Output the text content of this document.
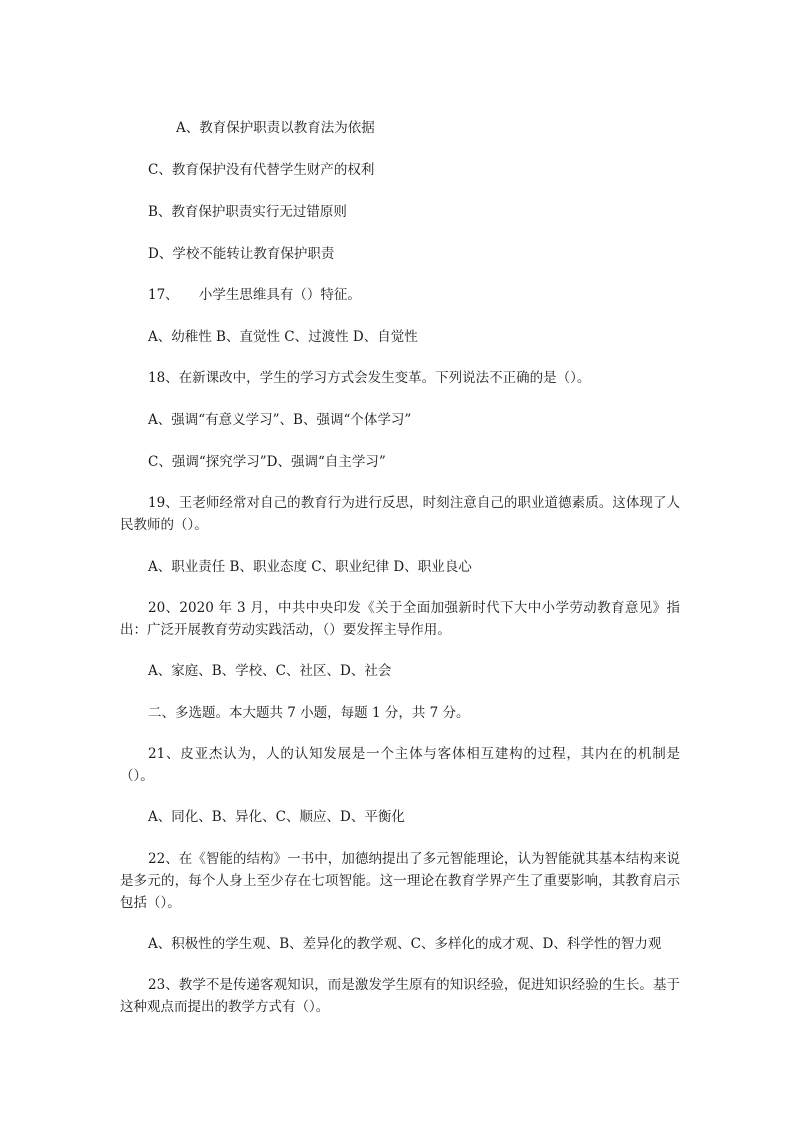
A、教育保护职责以教育法为依据
C、教育保护没有代替学生财产的权利
B、教育保护职责实行无过错原则
D、学校不能转让教育保护职责
17、　　小学生思维具有（）特征。
A、幼稚性 B、直觉性 C、过渡性 D、自觉性
18、在新课改中，学生的学习方式会发生变革。下列说法不正确的是（）。
A、强调“有意义学习”、B、强调“个体学习”
C、强调“探究学习”D、强调“自主学习”
19、王老师经常对自己的教育行为进行反思，时刻注意自己的职业道德素质。这体现了人民教师的（）。
A、职业责任 B、职业态度 C、职业纪律 D、职业良心
20、2020 年 3 月，中共中央印发《关于全面加强新时代下大中小学劳动教育意见》指出：广泛开展教育劳动实践活动，（）要发挥主导作用。
A、家庭、B、学校、C、社区、D、社会
二、多选题。本大题共 7 小题，每题 1 分，共 7 分。
21、皮亚杰认为，人的认知发展是一个主体与客体相互建构的过程，其内在的机制是（）。
A、同化、B、异化、C、顺应、D、平衡化
22、在《智能的结构》一书中，加德纳提出了多元智能理论，认为智能就其基本结构来说是多元的，每个人身上至少存在七项智能。这一理论在教育学界产生了重要影响，其教育启示包括（）。
A、积极性的学生观、B、差异化的教学观、C、多样化的成才观、D、科学性的智力观
23、教学不是传递客观知识，而是激发学生原有的知识经验，促进知识经验的生长。基于这种观点而提出的教学方式有（）。
